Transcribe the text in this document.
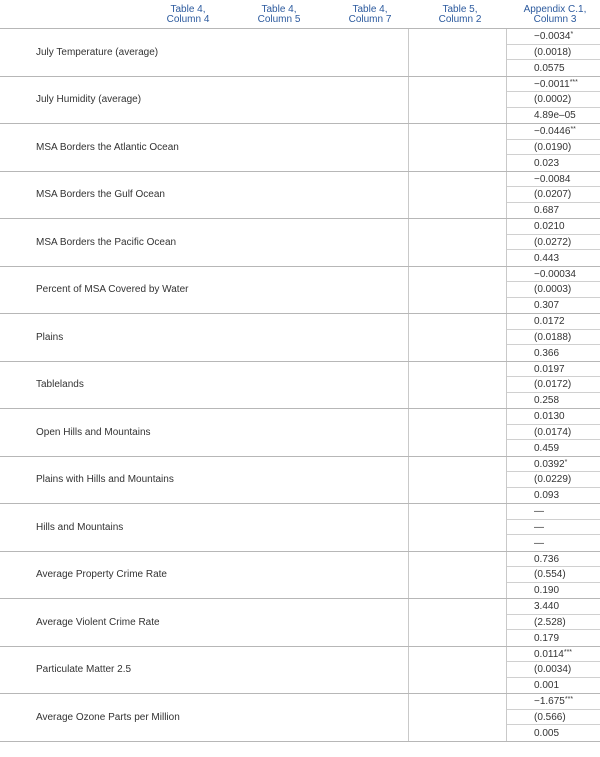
Table 4,
Column 4
Table 4,
Column 5
Table 4,
Column 7
Table 5,
Column 2
Appendix C.1,
Column 3
July Temperature (average)
−0.0034*
(0.0018)
0.0575
July Humidity (average)
−0.0011***
(0.0002)
4.89e–05
MSA Borders the Atlantic Ocean
−0.0446**
(0.0190)
0.023
MSA Borders the Gulf Ocean
−0.0084
(0.0207)
0.687
MSA Borders the Pacific Ocean
0.0210
(0.0272)
0.443
Percent of MSA Covered by Water
−0.00034
(0.0003)
0.307
Plains
0.0172
(0.0188)
0.366
Tablelands
0.0197
(0.0172)
0.258
Open Hills and Mountains
0.0130
(0.0174)
0.459
Plains with Hills and Mountains
0.0392*
(0.0229)
0.093
Hills and Mountains
—
—
—
Average Property Crime Rate
0.736
(0.554)
0.190
Average Violent Crime Rate
3.440
(2.528)
0.179
Particulate Matter 2.5
0.0114***
(0.0034)
0.001
Average Ozone Parts per Million
−1.675***
(0.566)
0.005
